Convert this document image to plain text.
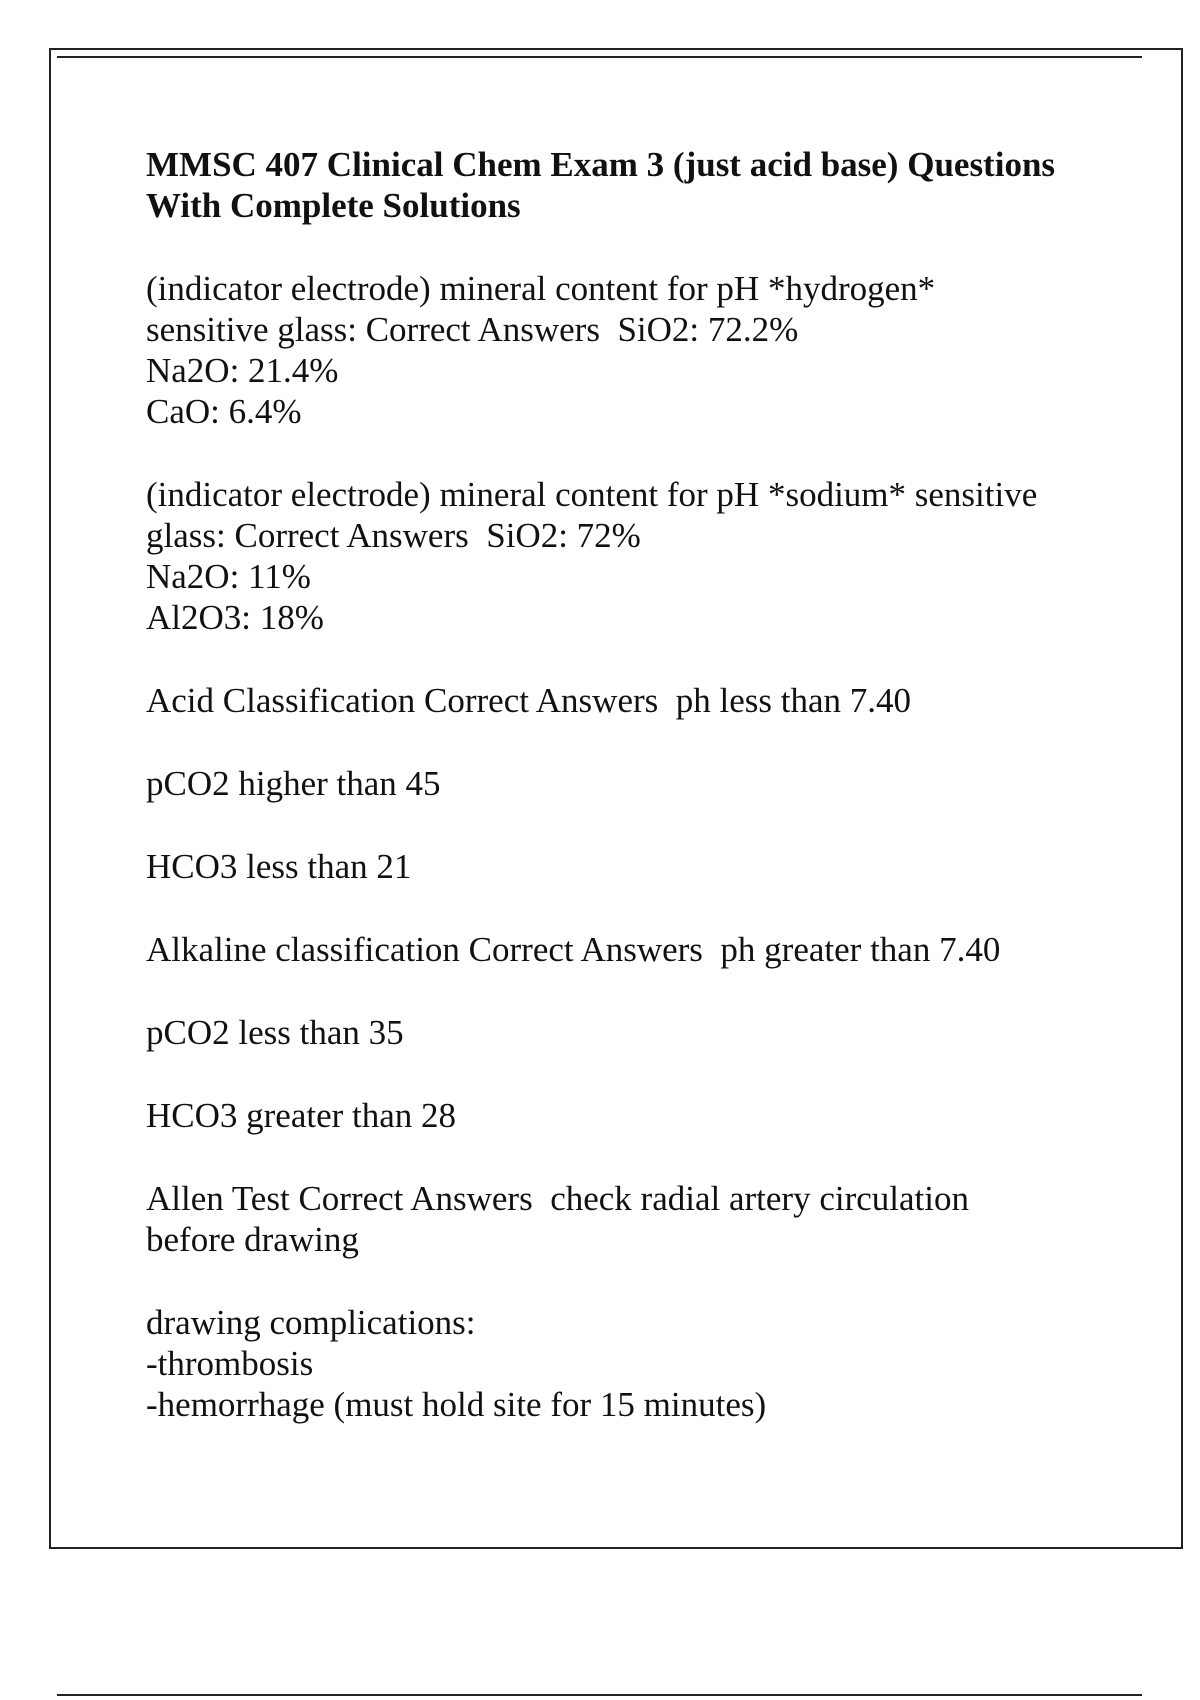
MMSC 407 Clinical Chem Exam 3 (just acid base) Questions With Complete Solutions
(indicator electrode) mineral content for pH *hydrogen*
sensitive glass: Correct Answers  SiO2: 72.2%
Na2O: 21.4%
CaO: 6.4%
(indicator electrode) mineral content for pH *sodium* sensitive
glass: Correct Answers  SiO2: 72%
Na2O: 11%
Al2O3: 18%
Acid Classification Correct Answers  ph less than 7.40
pCO2 higher than 45
HCO3 less than 21
Alkaline classification Correct Answers  ph greater than 7.40
pCO2 less than 35
HCO3 greater than 28
Allen Test Correct Answers  check radial artery circulation
before drawing
drawing complications:
-thrombosis
-hemorrhage (must hold site for 15 minutes)
